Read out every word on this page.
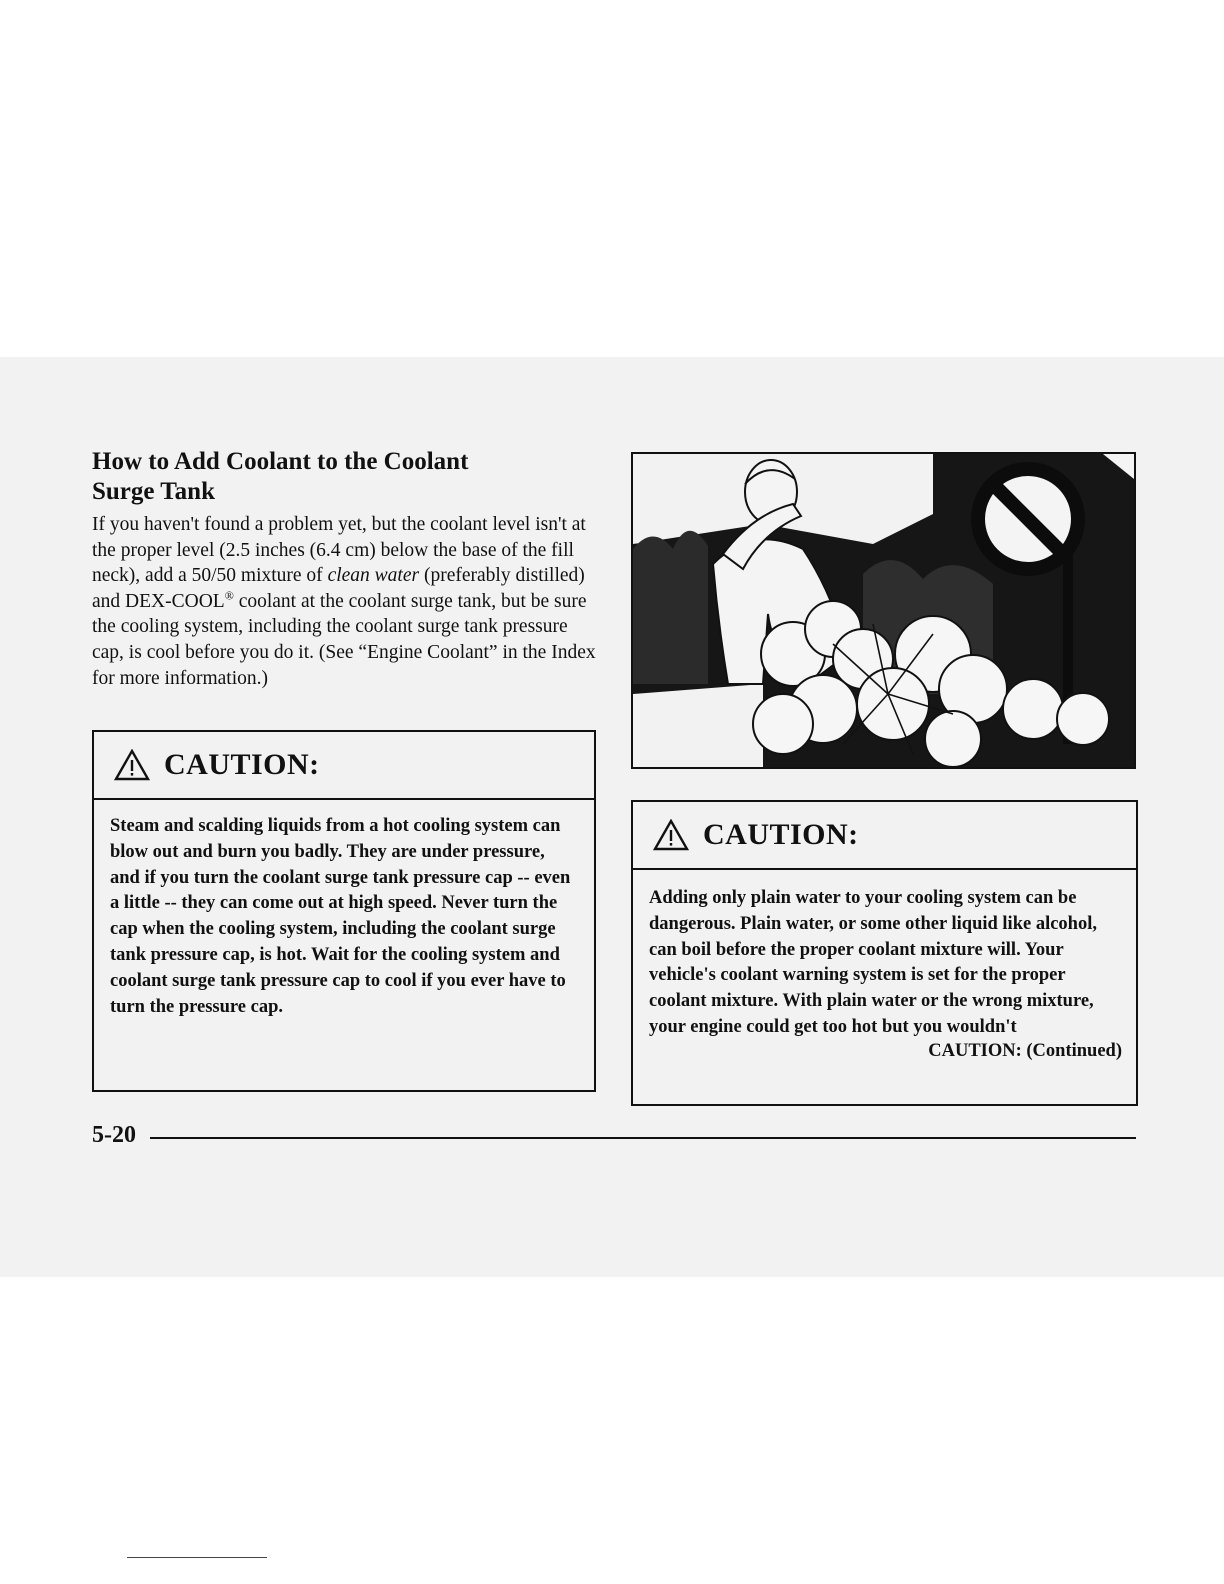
How to Add Coolant to the Coolant
Surge Tank

If you haven't found a problem yet, but the coolant level isn't at the proper level (2.5 inches (6.4 cm) below the base of the fill neck), add a 50/50 mixture of clean water (preferably distilled) and DEX-COOL® coolant at the coolant surge tank, but be sure the cooling system, including the coolant surge tank pressure cap, is cool before you do it. (See “Engine Coolant” in the Index for more information.)

CAUTION:
Steam and scalding liquids from a hot cooling system can blow out and burn you badly. They are under pressure, and if you turn the coolant surge tank pressure cap -- even a little -- they can come out at high speed. Never turn the cap when the cooling system, including the coolant surge tank pressure cap, is hot. Wait for the cooling system and coolant surge tank pressure cap to cool if you ever have to turn the pressure cap.
CAUTION:
Adding only plain water to your cooling system can be dangerous. Plain water, or some other liquid like alcohol, can boil before the proper coolant mixture will. Your vehicle's coolant warning system is set for the proper coolant mixture. With plain water or the wrong mixture, your engine could get too hot but you wouldn't
CAUTION: (Continued)
5-20
